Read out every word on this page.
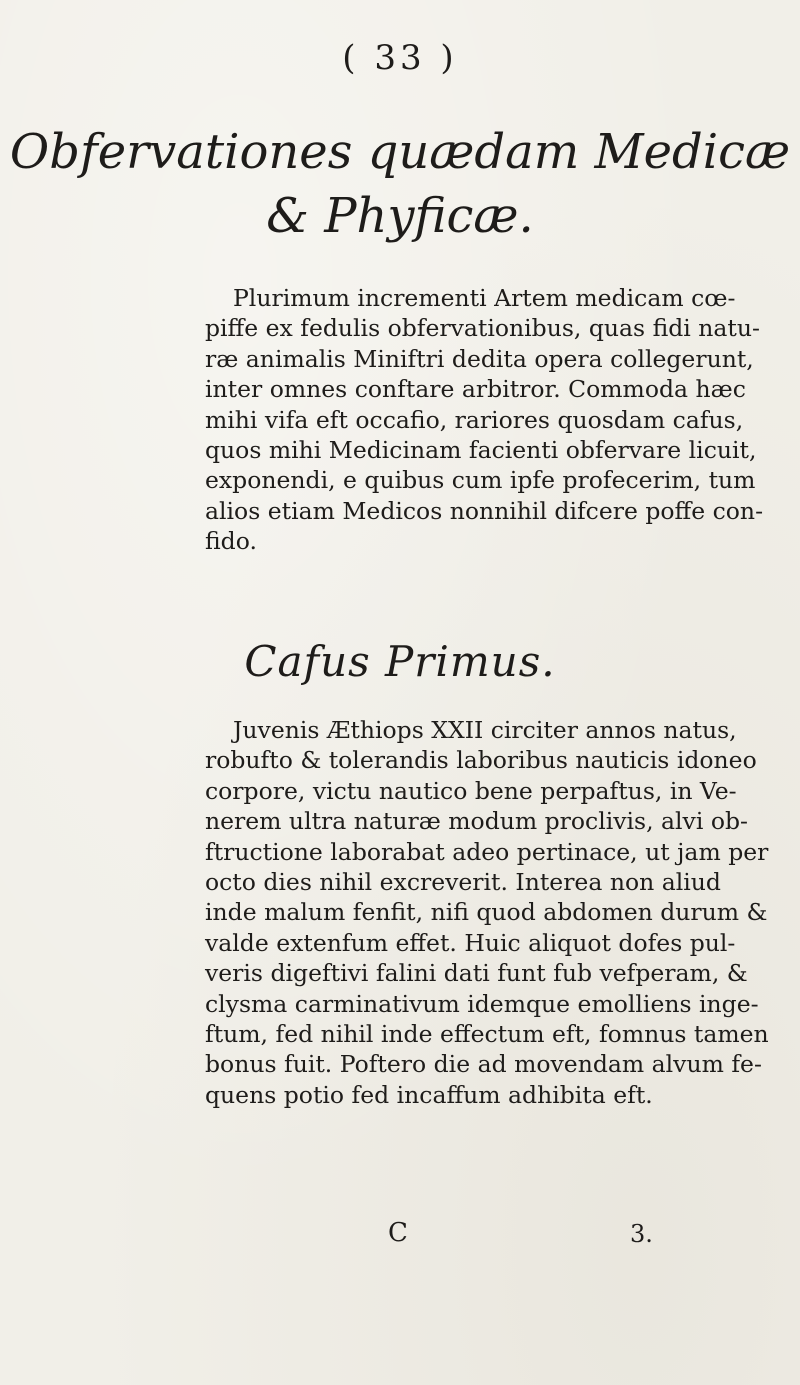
( 33 )
Obfervationes quædam Medicæ
& Phyficæ.
Plurimum incrementi Artem medicam cœ-
piffe ex fedulis obfervationibus, quas fidi natu-
ræ animalis Miniftri dedita opera collegerunt,
inter omnes conftare arbitror. Commoda hæc
mihi vifa eft occafio, rariores quosdam cafus,
quos mihi Medicinam facienti obfervare licuit,
exponendi, e quibus cum ipfe profecerim, tum
alios etiam Medicos nonnihil difcere poffe con-
fido.
Cafus Primus.
Juvenis Æthiops XXII circiter annos natus,
robufto & tolerandis laboribus nauticis idoneo
corpore, victu nautico bene perpaftus, in Ve-
nerem ultra naturæ modum proclivis, alvi ob-
ftructione laborabat adeo pertinace, ut jam per
octo dies nihil excreverit. Interea non aliud
inde malum fenfit, nifi quod abdomen durum &
valde extenfum effet. Huic aliquot dofes pul-
veris digeftivi falini dati funt fub vefperam, &
clysma carminativum idemque emolliens inge-
ftum, fed nihil inde effectum eft, fomnus tamen
bonus fuit. Poftero die ad movendam alvum fe-
quens potio fed incaffum adhibita eft.
C	3.
